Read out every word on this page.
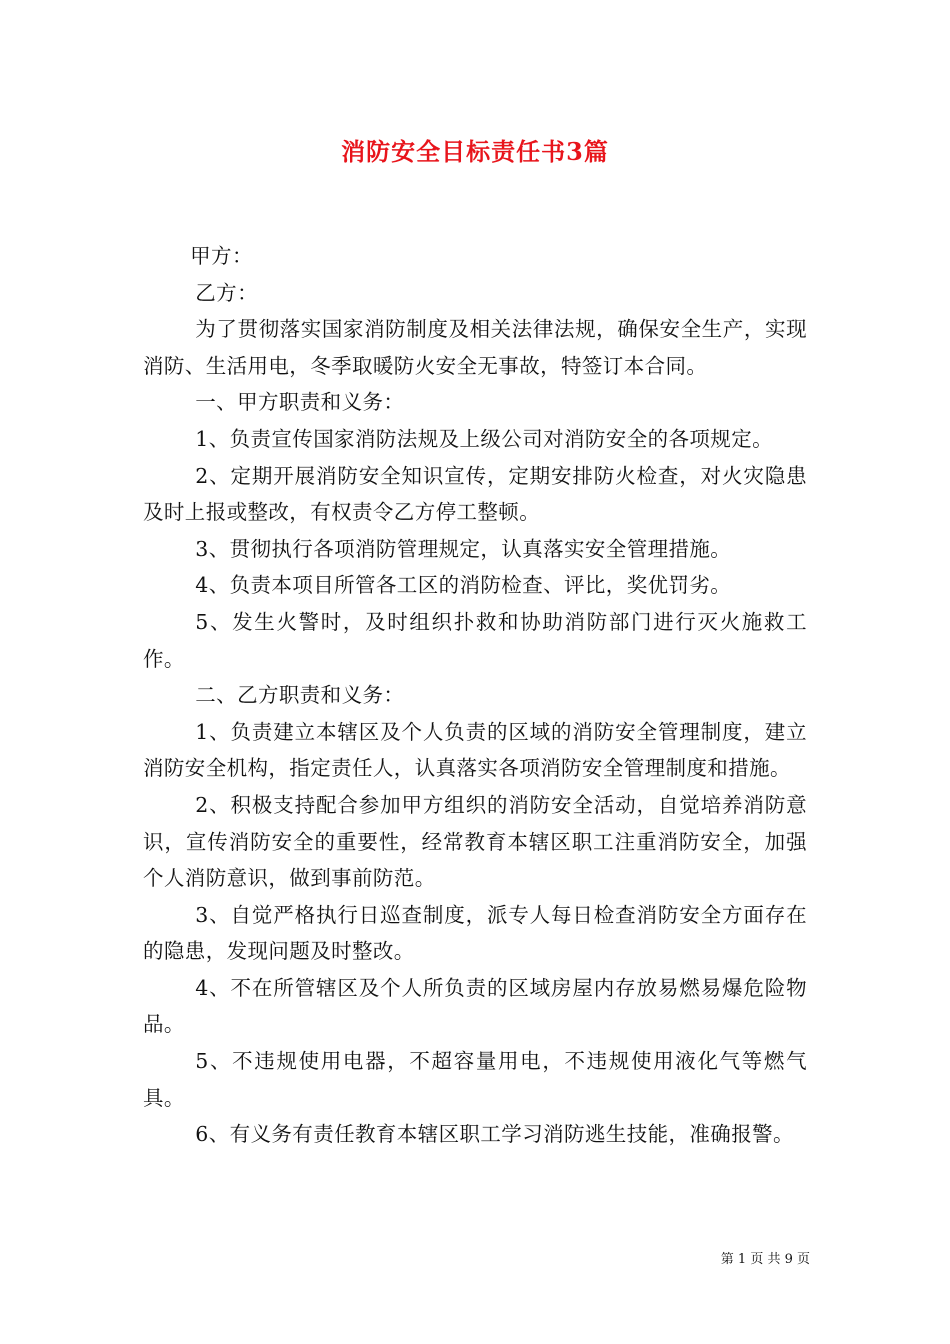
消防安全目标责任书3篇

甲方：

乙方：

为了贯彻落实国家消防制度及相关法律法规，确保安全生产，实现消防、生活用电，冬季取暖防火安全无事故，特签订本合同。

一、甲方职责和义务：

1、负责宣传国家消防法规及上级公司对消防安全的各项规定。

2、定期开展消防安全知识宣传，定期安排防火检查，对火灾隐患及时上报或整改，有权责令乙方停工整顿。

3、贯彻执行各项消防管理规定，认真落实安全管理措施。

4、负责本项目所管各工区的消防检查、评比，奖优罚劣。

5、发生火警时，及时组织扑救和协助消防部门进行灭火施救工作。

二、乙方职责和义务：

1、负责建立本辖区及个人负责的区域的消防安全管理制度，建立消防安全机构，指定责任人，认真落实各项消防安全管理制度和措施。

2、积极支持配合参加甲方组织的消防安全活动，自觉培养消防意识，宣传消防安全的重要性，经常教育本辖区职工注重消防安全，加强个人消防意识，做到事前防范。

3、自觉严格执行日巡查制度，派专人每日检查消防安全方面存在的隐患，发现问题及时整改。

4、不在所管辖区及个人所负责的区域房屋内存放易燃易爆危险物品。

5、不违规使用电器，不超容量用电，不违规使用液化气等燃气具。

6、有义务有责任教育本辖区职工学习消防逃生技能，准确报警。

第 1 页 共 9 页
